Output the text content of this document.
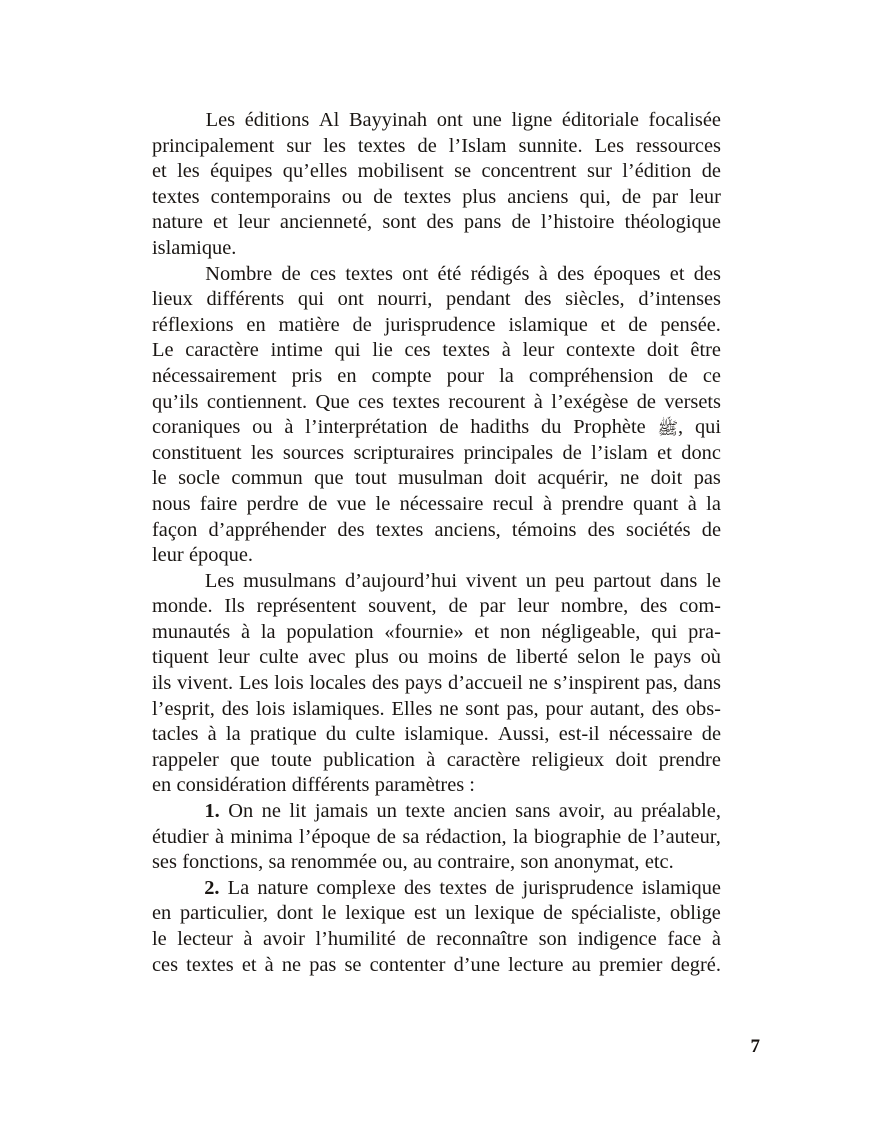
Les éditions Al Bayyinah ont une ligne éditoriale focalisée
principalement sur les textes de l’Islam sunnite. Les ressources
et les équipes qu’elles mobilisent se concentrent sur l’édition de
textes contemporains ou de textes plus anciens qui, de par leur
nature et leur ancienneté, sont des pans de l’histoire théologique
islamique.
Nombre de ces textes ont été rédigés à des époques et des
lieux différents qui ont nourri, pendant des siècles, d’intenses
réflexions en matière de jurisprudence islamique et de pensée.
Le caractère intime qui lie ces textes à leur contexte doit être
nécessairement pris en compte pour la compréhension de ce
qu’ils contiennent. Que ces textes recourent à l’exégèse de versets
coraniques ou à l’interprétation de hadiths du Prophète ﷺ, qui
constituent les sources scripturaires principales de l’islam et donc
le socle commun que tout musulman doit acquérir, ne doit pas
nous faire perdre de vue le nécessaire recul à prendre quant à la
façon d’appréhender des textes anciens, témoins des sociétés de
leur époque.
Les musulmans d’aujourd’hui vivent un peu partout dans le
monde. Ils représentent souvent, de par leur nombre, des com-
munautés à la population «fournie» et non négligeable, qui pra-
tiquent leur culte avec plus ou moins de liberté selon le pays où
ils vivent. Les lois locales des pays d’accueil ne s’inspirent pas, dans
l’esprit, des lois islamiques. Elles ne sont pas, pour autant, des obs-
tacles à la pratique du culte islamique. Aussi, est-il nécessaire de
rappeler que toute publication à caractère religieux doit prendre
en considération différents paramètres :
1. On ne lit jamais un texte ancien sans avoir, au préalable,
étudier à minima l’époque de sa rédaction, la biographie de l’auteur,
ses fonctions, sa renommée ou, au contraire, son anonymat, etc.
2. La nature complexe des textes de jurisprudence islamique
en particulier, dont le lexique est un lexique de spécialiste, oblige
le lecteur à avoir l’humilité de reconnaître son indigence face à
ces textes et à ne pas se contenter d’une lecture au premier degré.
7
